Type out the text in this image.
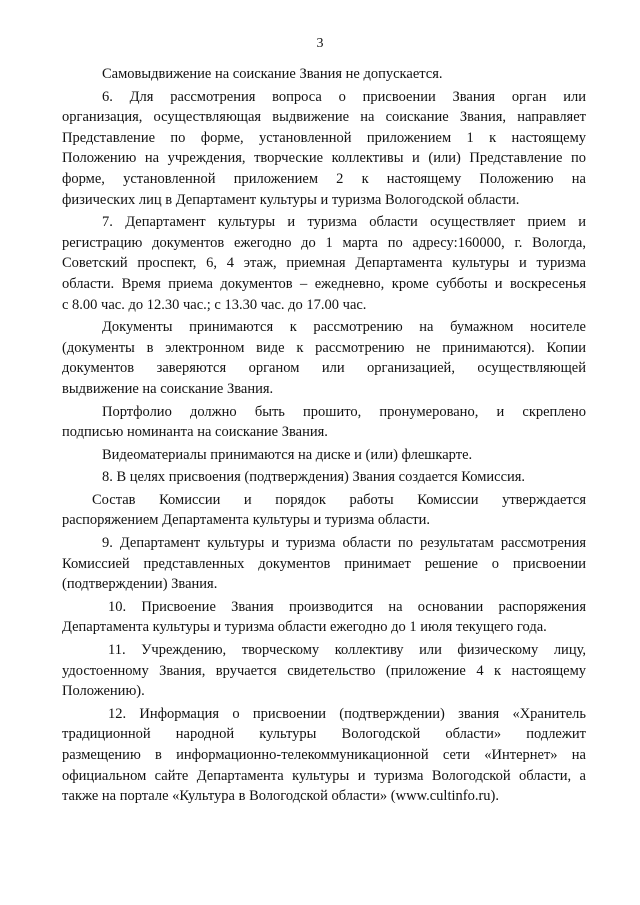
3
Самовыдвижение на соискание Звания не допускается.
6. Для рассмотрения вопроса о присвоении Звания орган или
организация, осуществляющая выдвижение на соискание Звания, направляет
Представление по форме, установленной приложением 1 к настоящему
Положению на учреждения, творческие коллективы и (или) Представление по
форме, установленной приложением 2 к настоящему Положению на
физических лиц в Департамент культуры и туризма Вологодской области.
7. Департамент культуры и туризма области осуществляет прием и
регистрацию документов ежегодно до 1 марта по адресу:160000, г. Вологда,
Советский проспект, 6, 4 этаж, приемная Департамента культуры и туризма
области. Время приема документов – ежедневно, кроме субботы и воскресенья
с 8.00 час. до 12.30 час.; с 13.30 час. до 17.00 час.
Документы принимаются к рассмотрению на бумажном носителе
(документы в электронном виде к рассмотрению не принимаются). Копии
документов заверяются органом или организацией, осуществляющей
выдвижение на соискание Звания.
Портфолио должно быть прошито, пронумеровано, и скреплено
подписью номинанта на соискание Звания.
Видеоматериалы принимаются на диске и (или) флешкарте.
8. В целях присвоения (подтверждения) Звания создается Комиссия.
Состав Комиссии и порядок работы Комиссии утверждается
распоряжением Департамента культуры и туризма области.
9. Департамент культуры и туризма области по результатам рассмотрения
Комиссией представленных документов принимает решение о присвоении
(подтверждении) Звания.
10. Присвоение Звания производится на основании распоряжения
Департамента культуры и туризма области ежегодно до 1 июля текущего года.
11. Учреждению, творческому коллективу или физическому лицу,
удостоенному Звания, вручается свидетельство (приложение 4 к настоящему
Положению).
12. Информация о присвоении (подтверждении) звания «Хранитель
традиционной народной культуры Вологодской области» подлежит
размещению в информационно-телекоммуникационной сети «Интернет» на
официальном сайте Департамента культуры и туризма Вологодской области, а
также на портале «Культура в Вологодской области» (www.cultinfo.ru).
